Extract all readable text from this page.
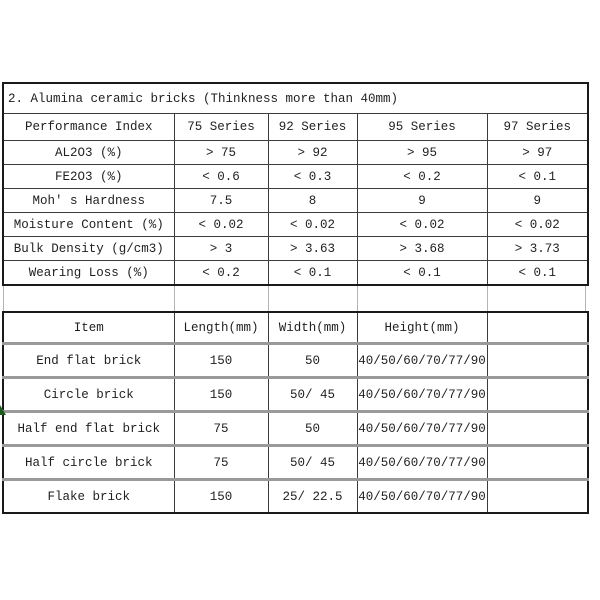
2. Alumina ceramic bricks (Thinkness more than 40mm)				
Performance Index	75 Series	92 Series	95 Series	97 Series
AL2O3 (%)	> 75	> 92	> 95	> 97
FE2O3 (%)	< 0.6	< 0.3	< 0.2	< 0.1
Moh' s Hardness	7.5	8	9	9
Moisture Content (%)	< 0.02	< 0.02	< 0.02	< 0.02
Bulk Density (g/cm3)	> 3	> 3.63	> 3.68	> 3.73
Wearing Loss (%)	< 0.2	< 0.1	< 0.1	< 0.1
Item	Length(mm)	Width(mm)	Height(mm)	
End flat brick	150	50	40/50/60/70/77/90	
Circle brick	150	50/ 45	40/50/60/70/77/90	
Half end flat brick	75	50	40/50/60/70/77/90	
Half circle brick	75	50/ 45	40/50/60/70/77/90	
Flake brick	150	25/ 22.5	40/50/60/70/77/90	
